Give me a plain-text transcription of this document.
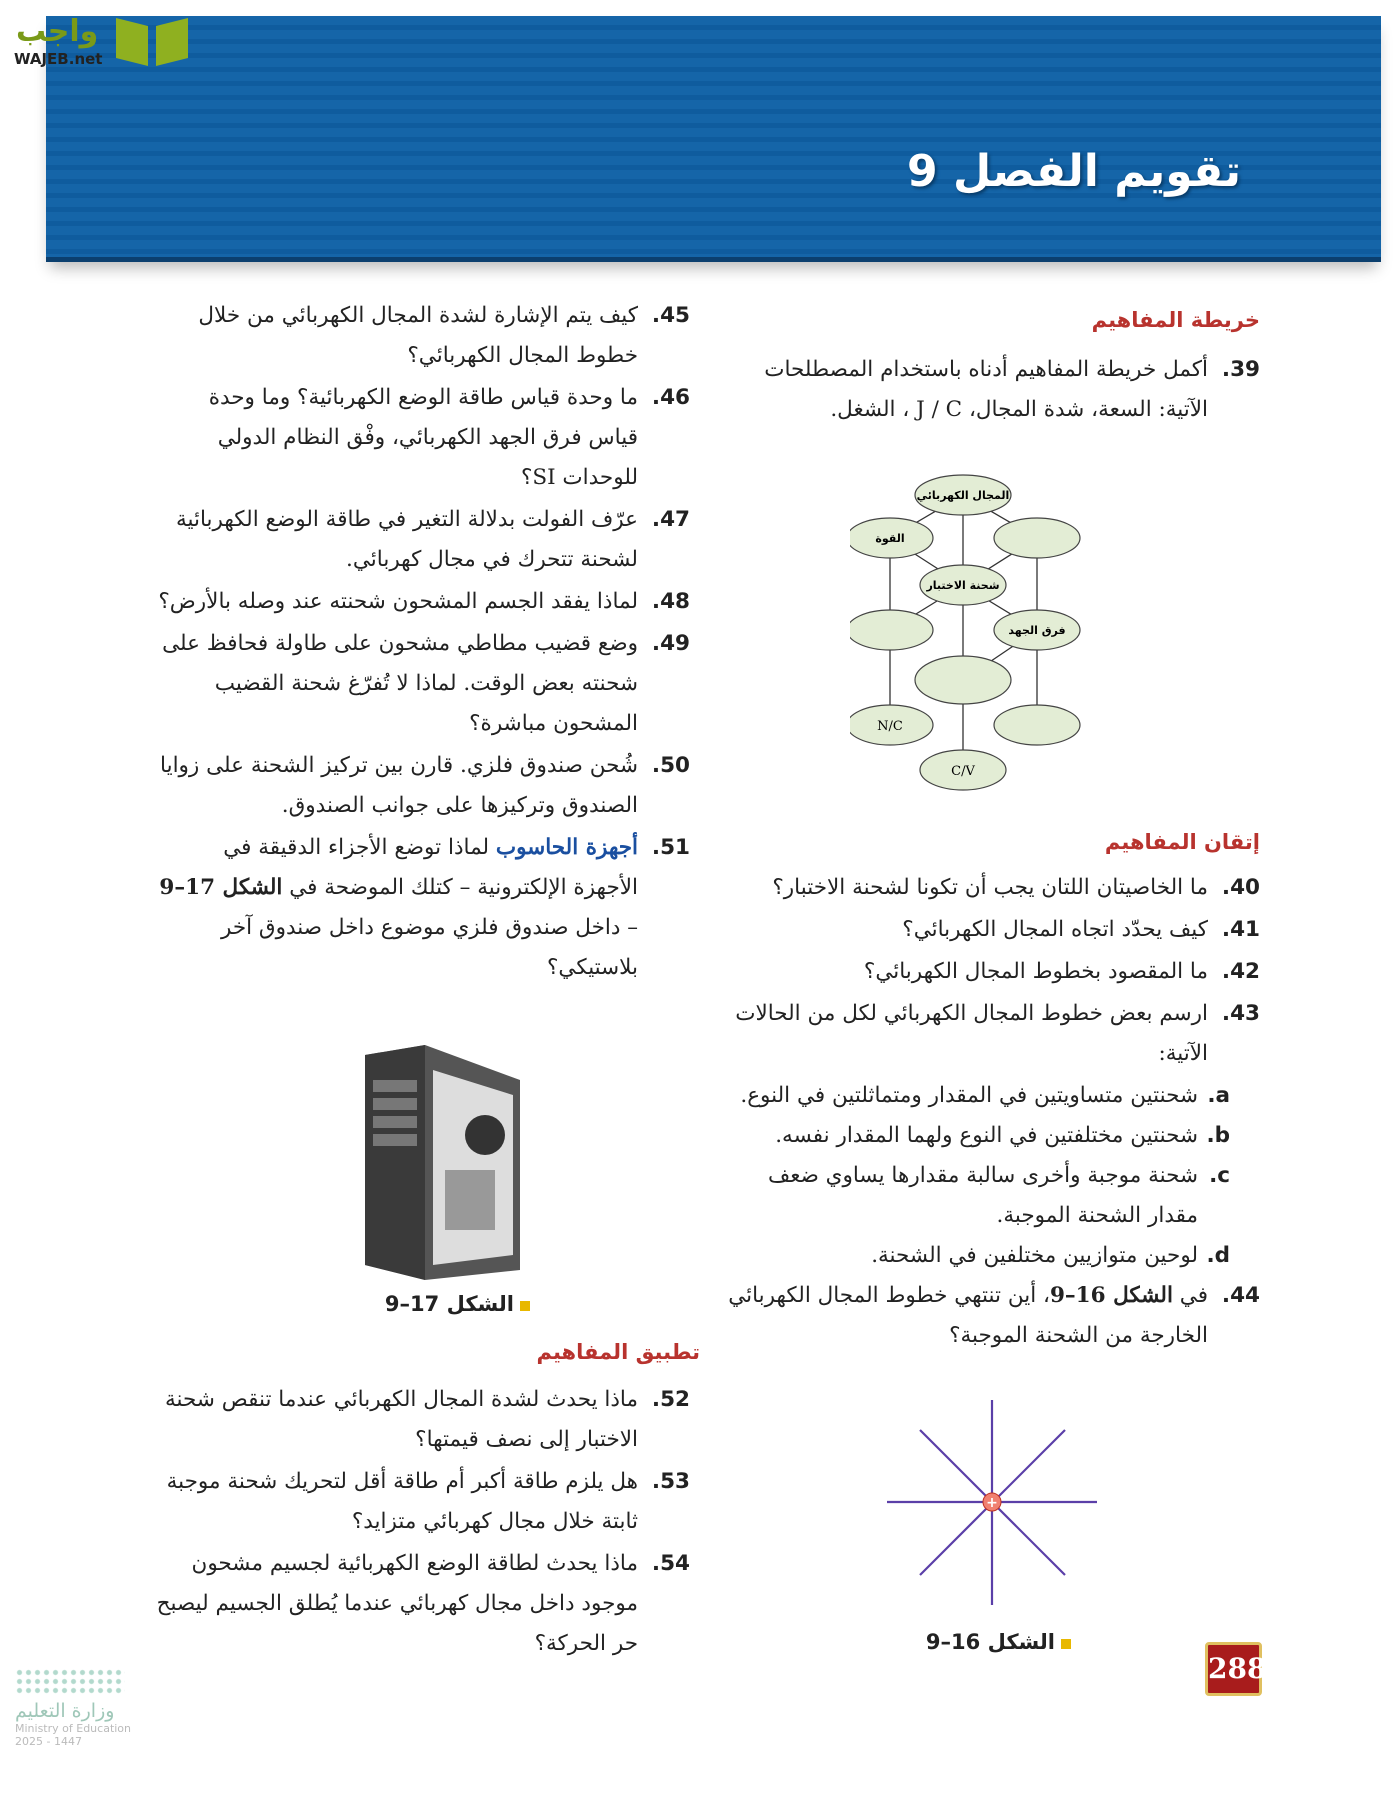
تقويم الفصل 9
واجب
WAJEB.net
خريطة المفاهيم
.39
أكمل خريطة المفاهيم أدناه باستخدام المصطلحات الآتية: السعة، شدة المجال، J / C ، الشغل.
المجال الكهربائي
القوة
شحنة الاختبار
فرق الجهد
N/C
C/V
إتقان المفاهيم
.40
ما الخاصيتان اللتان يجب أن تكونا لشحنة الاختبار؟
.41
كيف يحدّد اتجاه المجال الكهربائي؟
.42
ما المقصود بخطوط المجال الكهربائي؟
.43
ارسم بعض خطوط المجال الكهربائي لكل من الحالات الآتية:
.a
شحنتين متساويتين في المقدار ومتماثلتين في النوع.
.b
شحنتين مختلفتين في النوع ولهما المقدار نفسه.
.c
شحنة موجبة وأخرى سالبة مقدارها يساوي ضعف مقدار الشحنة الموجبة.
.d
لوحين متوازيين مختلفين في الشحنة.
.44
في الشكل 16–9، أين تنتهي خطوط المجال الكهربائي الخارجة من الشحنة الموجبة؟
+
الشكل 16–9
.45
كيف يتم الإشارة لشدة المجال الكهربائي من خلال خطوط المجال الكهربائي؟
.46
ما وحدة قياس طاقة الوضع الكهربائية؟ وما وحدة قياس فرق الجهد الكهربائي، وفْق النظام الدولي للوحدات SI؟
.47
عرّف الفولت بدلالة التغير في طاقة الوضع الكهربائية لشحنة تتحرك في مجال كهربائي.
.48
لماذا يفقد الجسم المشحون شحنته عند وصله بالأرض؟
.49
وضع قضيب مطاطي مشحون على طاولة فحافظ على شحنته بعض الوقت. لماذا لا تُفرّغ شحنة القضيب المشحون مباشرة؟
.50
شُحن صندوق فلزي. قارن بين تركيز الشحنة على زوايا الصندوق وتركيزها على جوانب الصندوق.
.51
أجهزة الحاسوب لماذا توضع الأجزاء الدقيقة في الأجهزة الإلكترونية – كتلك الموضحة في الشكل 17–9 – داخل صندوق فلزي موضوع داخل صندوق آخر بلاستيكي؟
الشكل 17–9
تطبيق المفاهيم
.52
ماذا يحدث لشدة المجال الكهربائي عندما تنقص شحنة الاختبار إلى نصف قيمتها؟
.53
هل يلزم طاقة أكبر أم طاقة أقل لتحريك شحنة موجبة ثابتة خلال مجال كهربائي متزايد؟
.54
ماذا يحدث لطاقة الوضع الكهربائية لجسيم مشحون موجود داخل مجال كهربائي عندما يُطلق الجسيم ليصبح حر الحركة؟
وزارة التعليم
Ministry of Education
2025 - 1447
288
